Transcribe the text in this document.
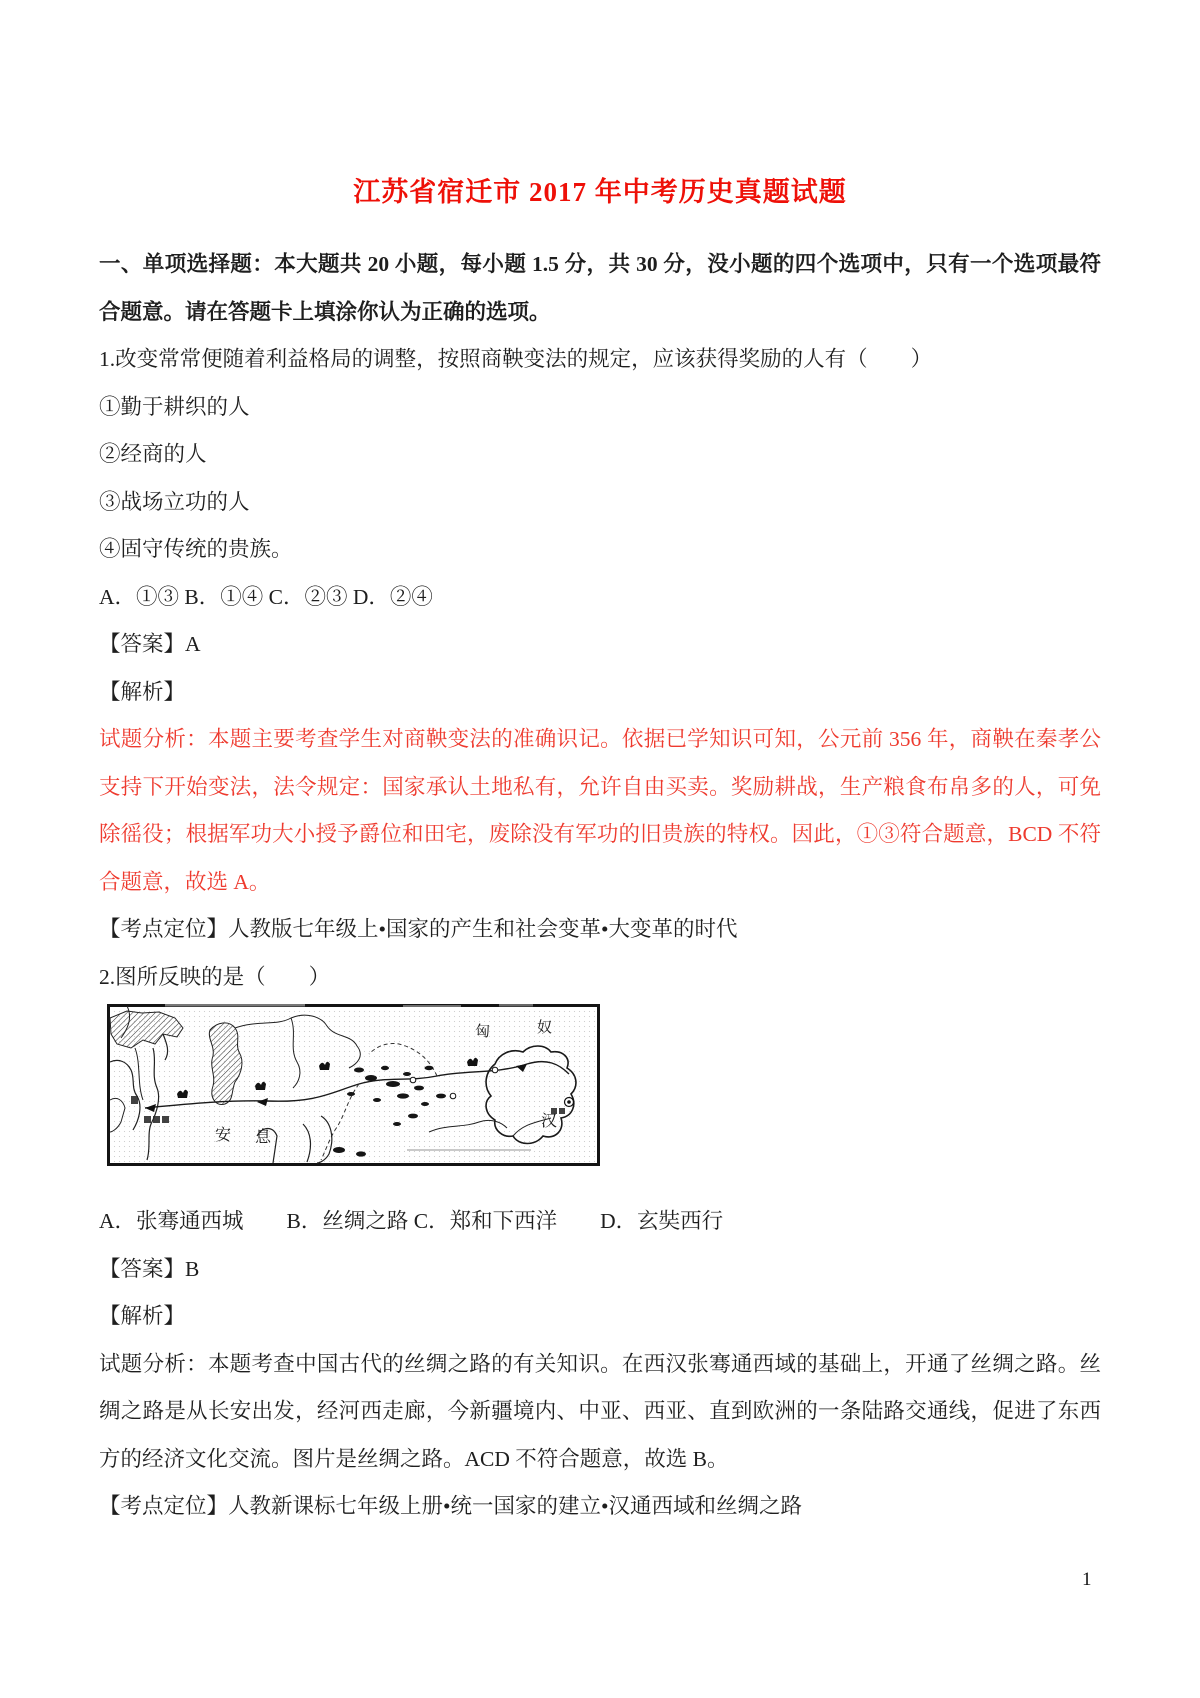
江苏省宿迁市 2017 年中考历史真题试题
一、单项选择题：本大题共 20 小题，每小题 1.5 分，共 30 分，没小题的四个选项中，只有一个选项最符
合题意。请在答题卡上填涂你认为正确的选项。
1.改变常常便随着利益格局的调整，按照商鞅变法的规定，应该获得奖励的人有（　　）
①勤于耕织的人
②经商的人
③战场立功的人
④固守传统的贵族。
A．①③ B．①④ C．②③ D．②④
【答案】A
【解析】
试题分析：本题主要考查学生对商鞅变法的准确识记。依据已学知识可知，公元前 356 年，商鞅在秦孝公
支持下开始变法，法令规定：国家承认土地私有，允许自由买卖。奖励耕战，生产粮食布帛多的人，可免
除徭役；根据军功大小授予爵位和田宅，废除没有军功的旧贵族的特权。因此，①③符合题意，BCD 不符
合题意，故选 A。
【考点定位】人教版七年级上•国家的产生和社会变革•大变革的时代
2.图所反映的是（　　）
匈	奴
汉
安 息
A．张骞通西城　　B．丝绸之路 C．郑和下西洋　　D．玄奘西行
【答案】B
【解析】
试题分析：本题考查中国古代的丝绸之路的有关知识。在西汉张骞通西域的基础上，开通了丝绸之路。丝
绸之路是从长安出发，经河西走廊，今新疆境内、中亚、西亚、直到欧洲的一条陆路交通线，促进了东西
方的经济文化交流。图片是丝绸之路。ACD 不符合题意，故选 B。
【考点定位】人教新课标七年级上册•统一国家的建立•汉通西域和丝绸之路
1
